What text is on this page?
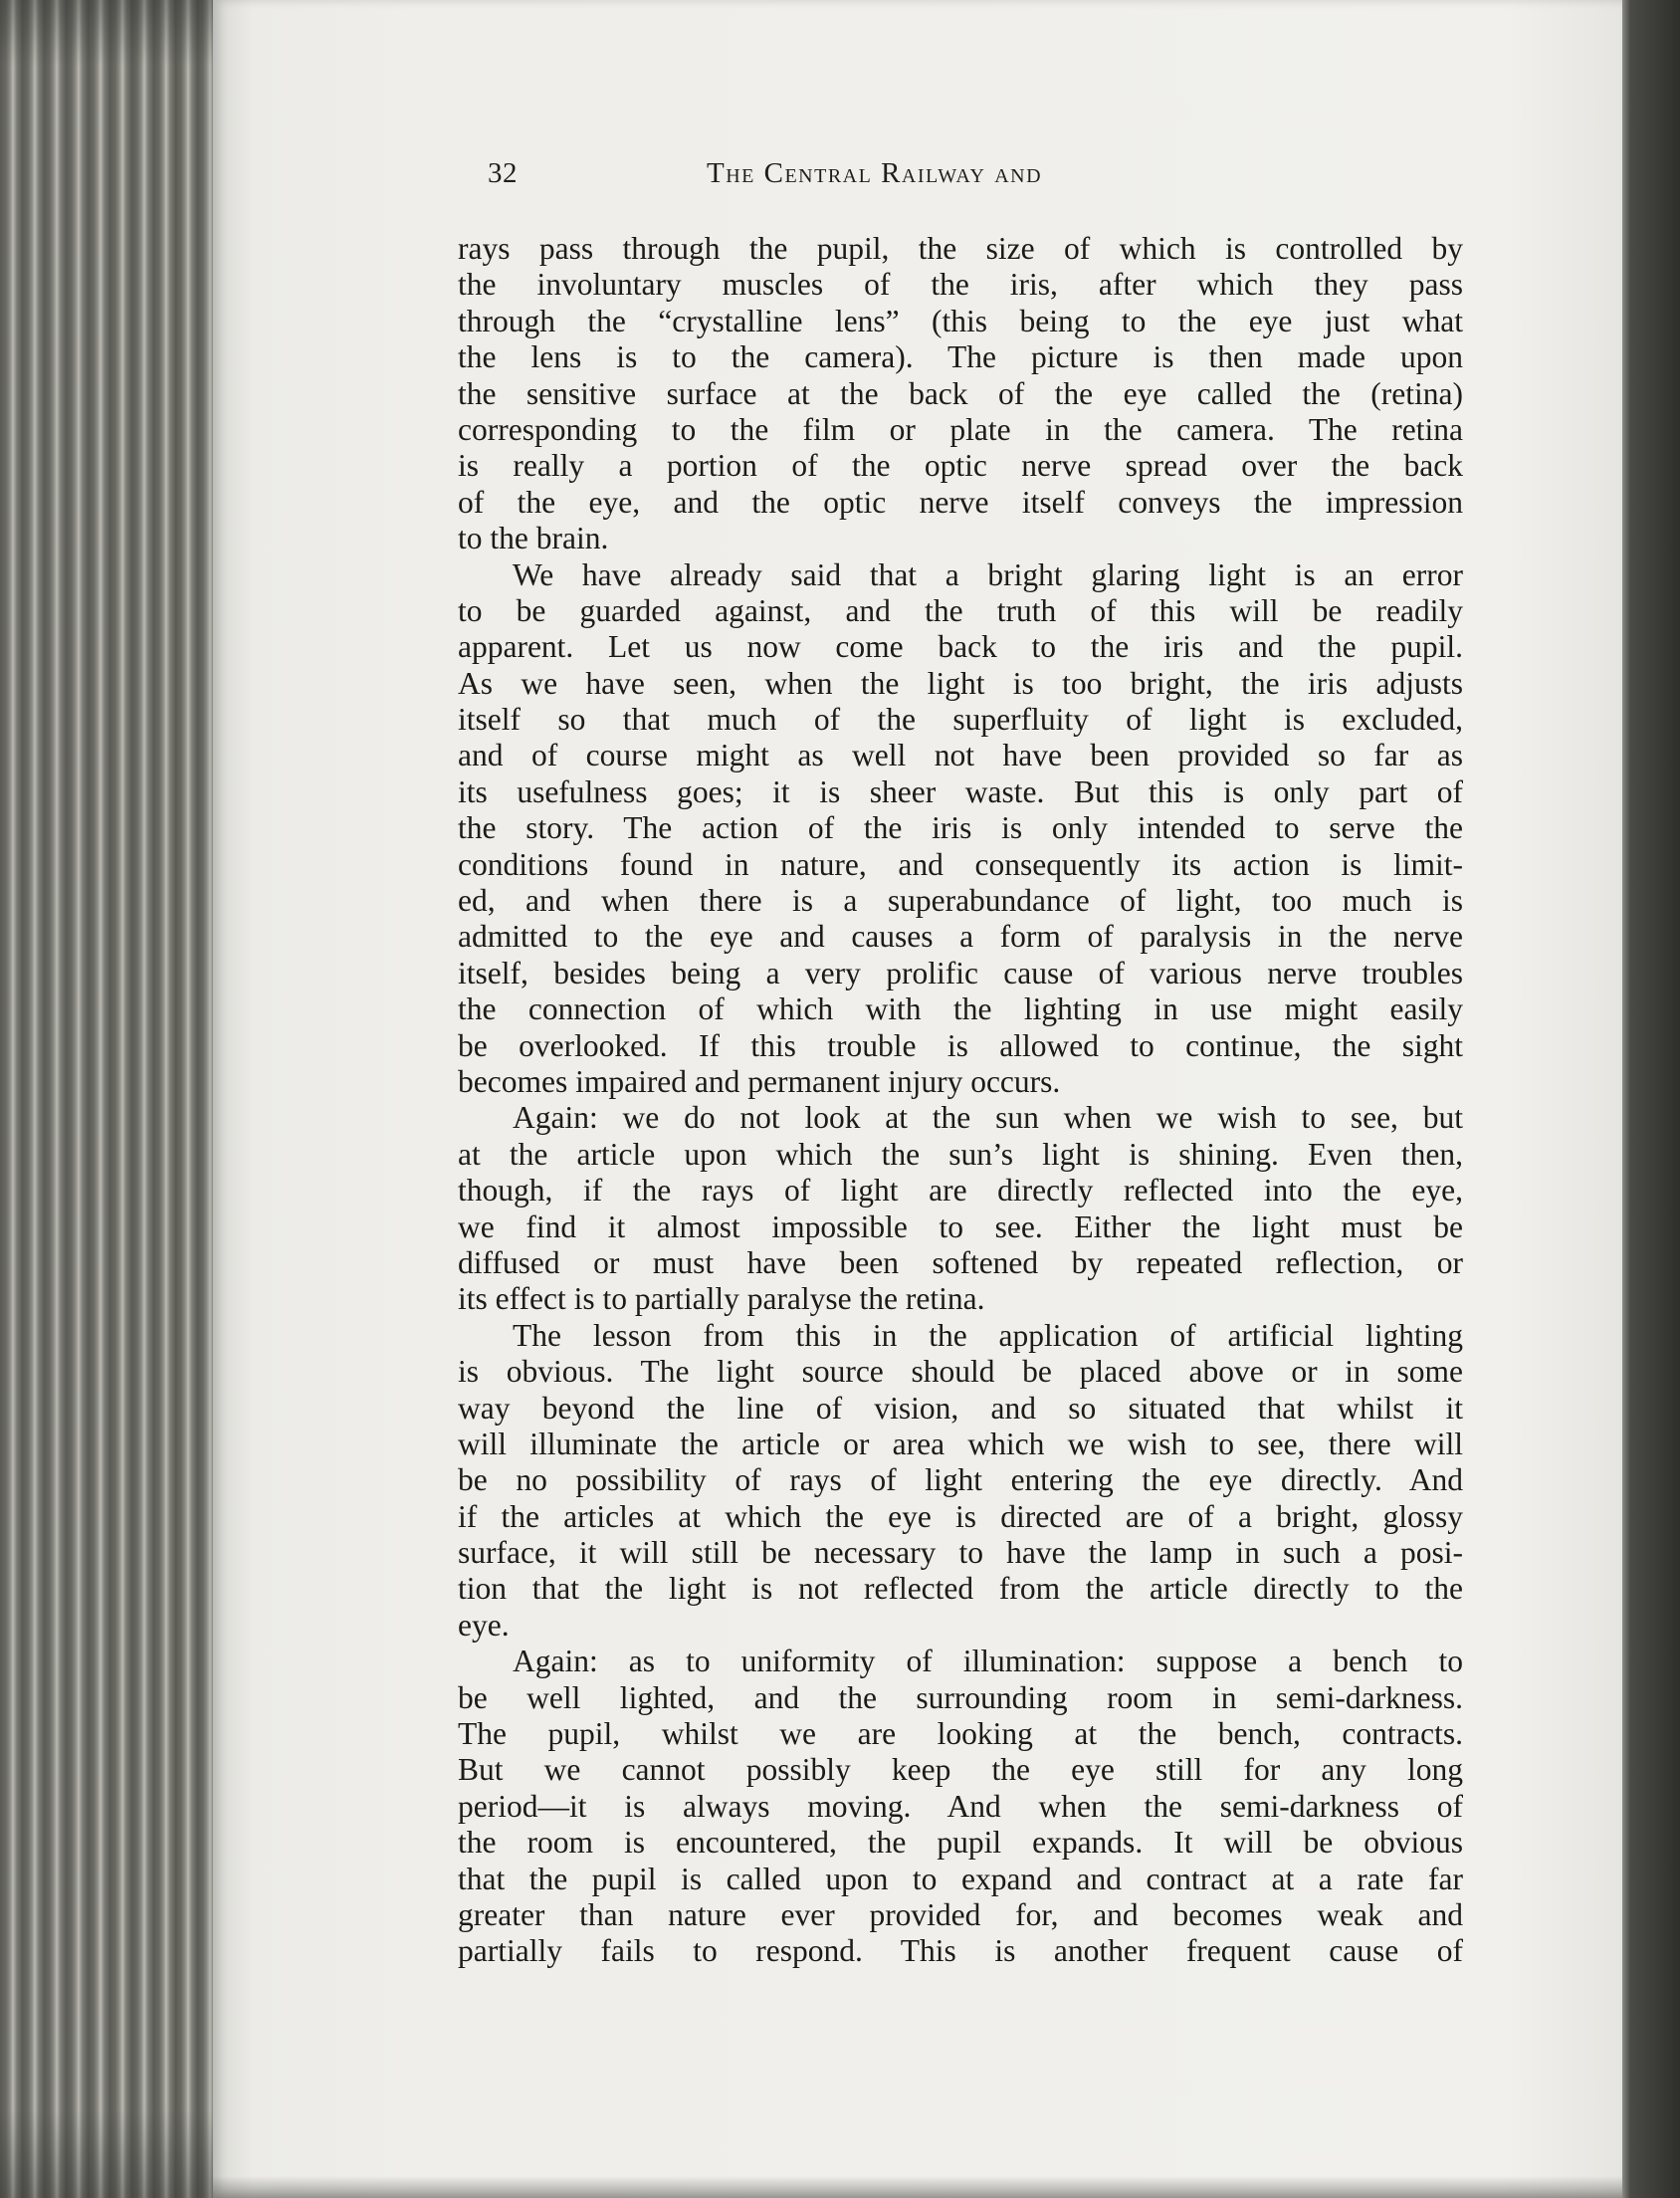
32	The Central Railway and

rays pass through the pupil, the size of which is controlled by
the involuntary muscles of the iris, after which they pass
through the “crystalline lens” (this being to the eye just what
the lens is to the camera). The picture is then made upon
the sensitive surface at the back of the eye called the (retina)
corresponding to the film or plate in the camera. The retina
is really a portion of the optic nerve spread over the back
of the eye, and the optic nerve itself conveys the impression
to the brain.

We have already said that a bright glaring light is an error
to be guarded against, and the truth of this will be readily
apparent. Let us now come back to the iris and the pupil.
As we have seen, when the light is too bright, the iris adjusts
itself so that much of the superfluity of light is excluded,
and of course might as well not have been provided so far as
its usefulness goes; it is sheer waste. But this is only part of
the story. The action of the iris is only intended to serve the
conditions found in nature, and consequently its action is limit-
ed, and when there is a superabundance of light, too much is
admitted to the eye and causes a form of paralysis in the nerve
itself, besides being a very prolific cause of various nerve troubles
the connection of which with the lighting in use might easily
be overlooked. If this trouble is allowed to continue, the sight
becomes impaired and permanent injury occurs.

Again: we do not look at the sun when we wish to see, but
at the article upon which the sun’s light is shining. Even then,
though, if the rays of light are directly reflected into the eye,
we find it almost impossible to see. Either the light must be
diffused or must have been softened by repeated reflection, or
its effect is to partially paralyse the retina.

The lesson from this in the application of artificial lighting
is obvious. The light source should be placed above or in some
way beyond the line of vision, and so situated that whilst it
will illuminate the article or area which we wish to see, there will
be no possibility of rays of light entering the eye directly. And
if the articles at which the eye is directed are of a bright, glossy
surface, it will still be necessary to have the lamp in such a posi-
tion that the light is not reflected from the article directly to the
eye.

Again: as to uniformity of illumination: suppose a bench to
be well lighted, and the surrounding room in semi-darkness.
The pupil, whilst we are looking at the bench, contracts.
But we cannot possibly keep the eye still for any long
period—it is always moving. And when the semi-darkness of
the room is encountered, the pupil expands. It will be obvious
that the pupil is called upon to expand and contract at a rate far
greater than nature ever provided for, and becomes weak and
partially fails to respond. This is another frequent cause of
